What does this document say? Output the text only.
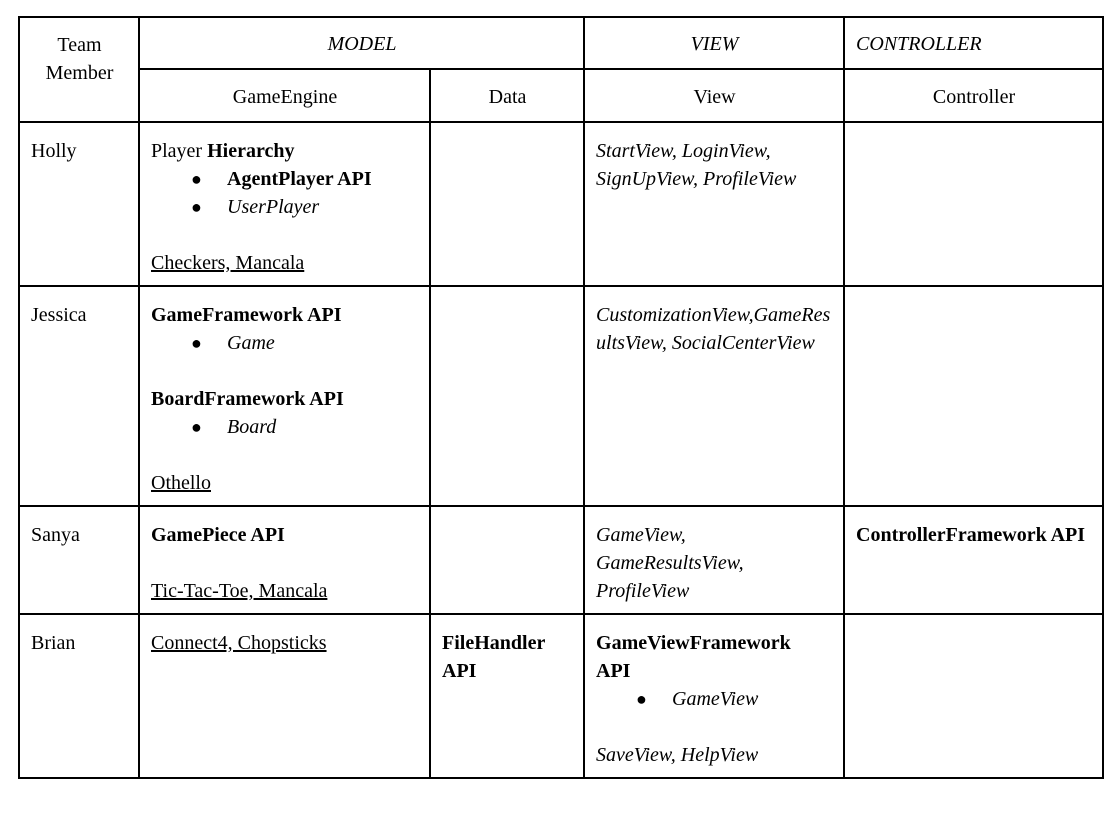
Team Member	MODEL		VIEW	CONTROLLER
	GameEngine	Data	View	Controller
Holly	Player Hierarchy
● AgentPlayer API
● UserPlayer
Checkers, Mancala		StartView, LoginView, SignUpView, ProfileView	
Jessica	GameFramework API
● Game
BoardFramework API
● Board
Othello		CustomizationView,GameResultsView, SocialCenterView	
Sanya	GamePiece API
Tic-Tac-Toe, Mancala		GameView, GameResultsView, ProfileView	ControllerFramework API
Brian	Connect4, Chopsticks	FileHandler API	GameViewFramework API
● GameView
SaveView, HelpView
